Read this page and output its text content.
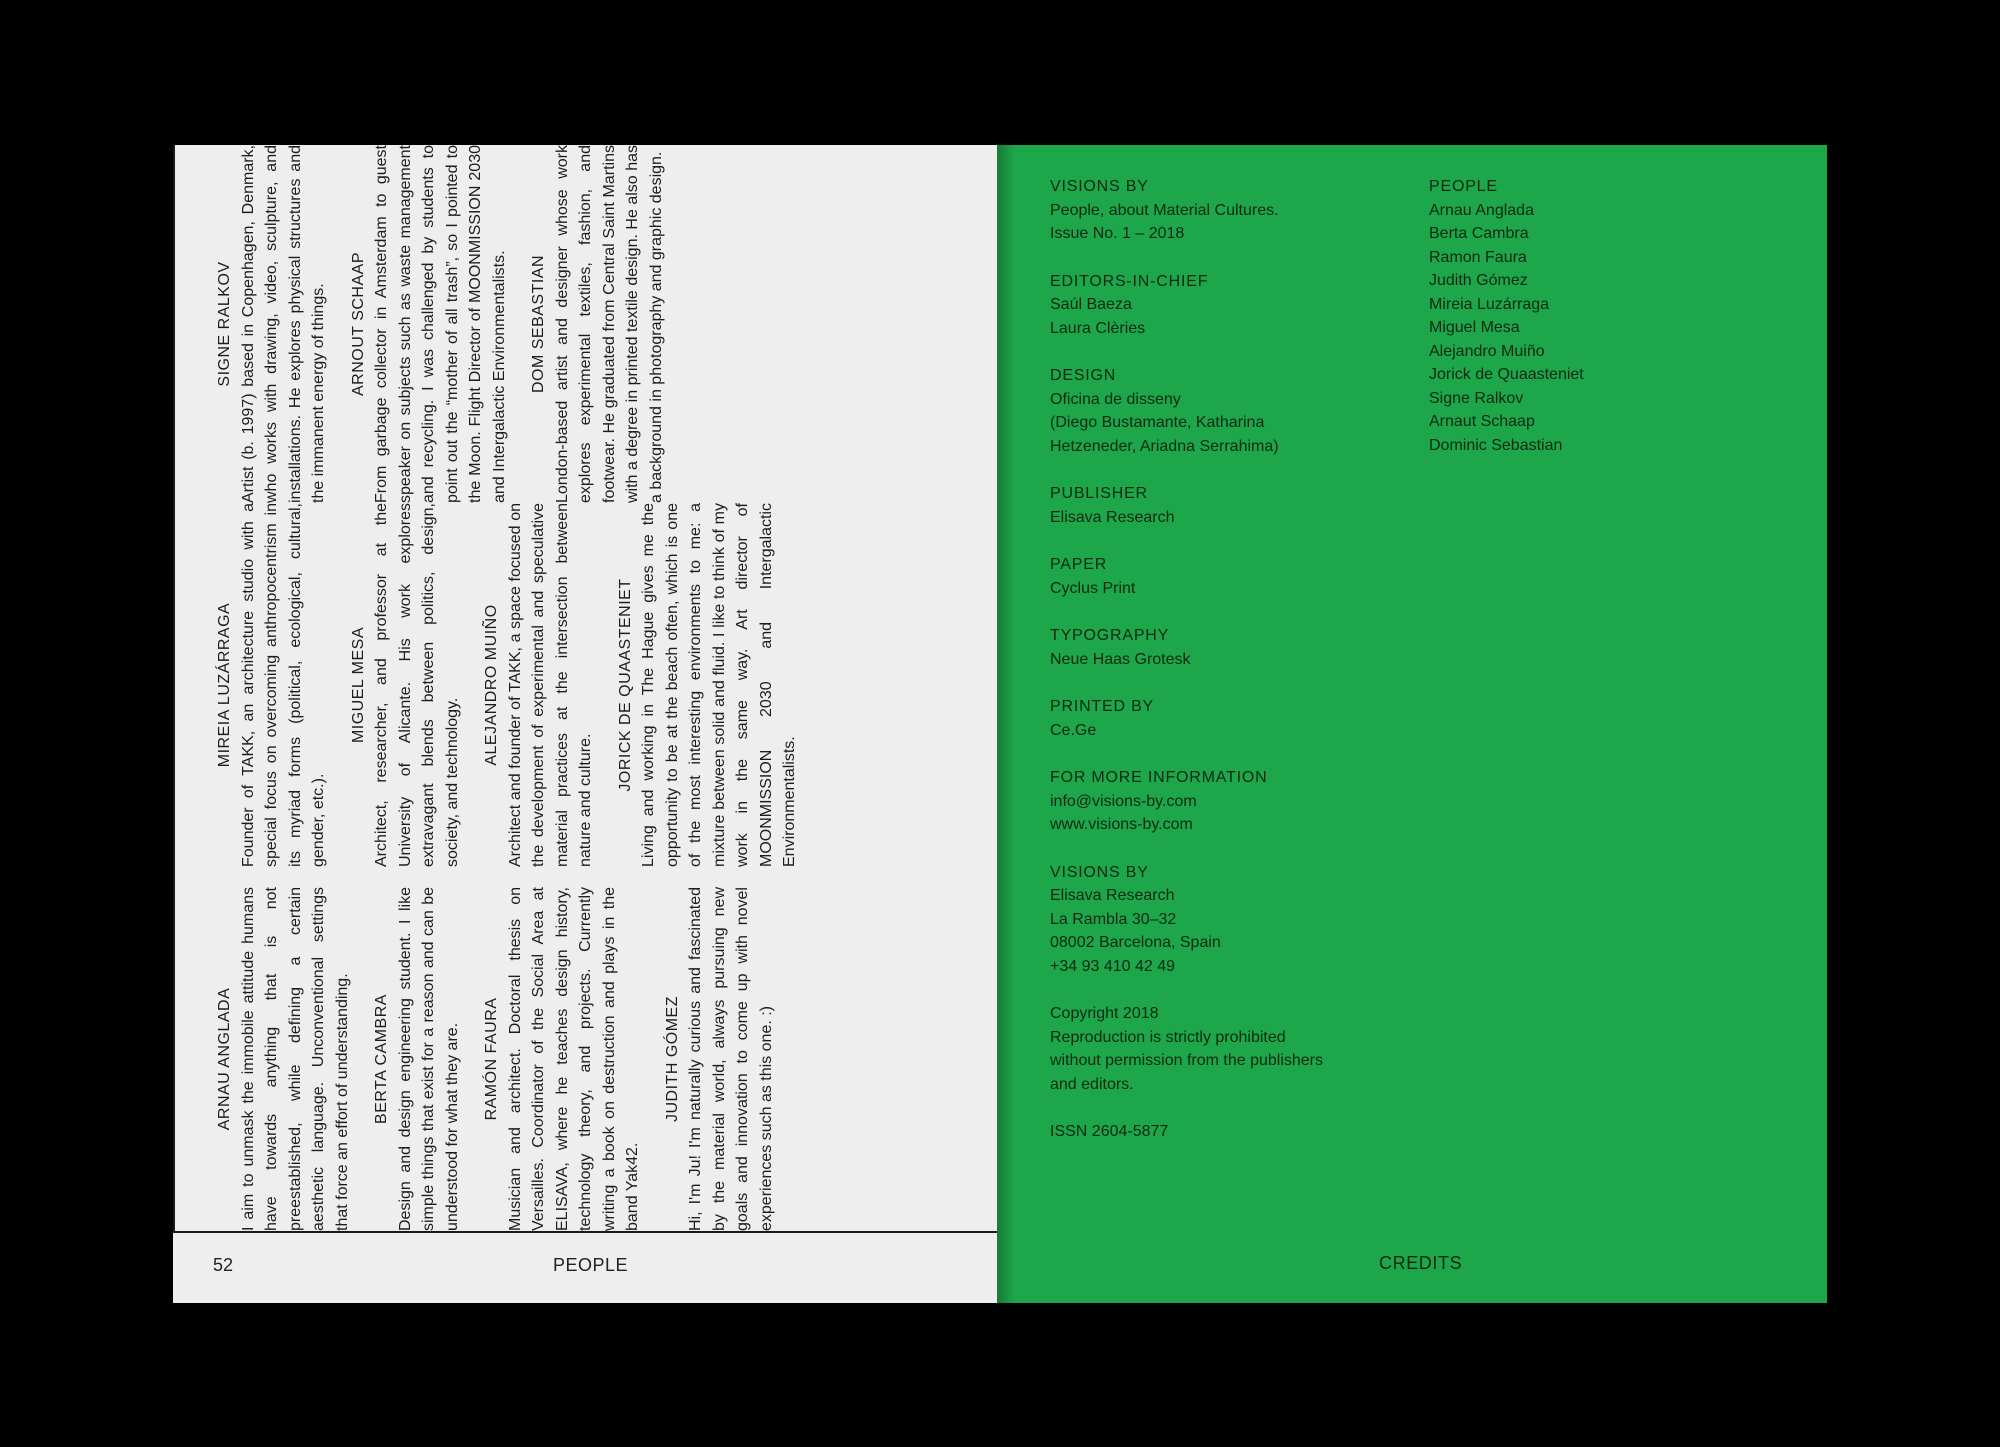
ARNAU ANGLADA I aim to unmask the immobile attitude humans have towards anything that is not preestablished, while defining a certain aesthetic language. Unconventional settings that force an effort of understanding. BERTA CAMBRA Design and design engineering student. I like simple things that exist for a reason and can be understood for what they are. RAMÓN FAURA Musician and architect. Doctoral thesis on Versailles. Coordinator of the Social Area at ELISAVA, where he teaches design history, technology theory, and projects. Currently writing a book on destruction and plays in the band Yak42.
JUDITH GÓMEZ Hi, I'm Ju! I'm naturally curious and fascinated by the material world, always pursuing new goals and innovation to come up with novel experiences such as this one. :)
MIREIA LUZÁRRAGA Founder of TAKK, an architecture studio with a special focus on overcoming anthropocentrism in its myriad forms (political, ecological, cultural, gender, etc.).
MIGUEL MESA Architect, researcher, and professor at the University of Alicante. His work explores extravagant blends between politics, design, society, and technology.
ALEJANDRO MUIÑO Architect and founder of TAKK, a space focused on the development of experimental and speculative material practices at the intersection between nature and culture.
JORICK DE QUAASTENIET Living and working in The Hague gives me the opportunity to be at the beach often, which is one of the most interesting environments to me: a mixture between solid and fluid. I like to think of my work in the same way. Art director of MOONMISSION 2030 and Intergalactic Environmentalists.
SIGNE RALKOV Artist (b. 1997) based in Copenhagen, Denmark, who works with drawing, video, sculpture, and installations. He explores physical structures and the immanent energy of things. ARNOUT SCHAAP From garbage collector in Amsterdam to guest speaker on subjects such as waste management and recycling. I was challenged by students to point out the “mother of all trash”, so I pointed to the Moon. Flight Director of MOONMISSION 2030 and Intergalactic Environmentalists. DOM SEBASTIAN London-based artist and designer whose work explores experimental textiles, fashion, and footwear. He graduated from Central Saint Martins with a degree in printed textile design. He also has a background in photography and graphic design.
52	PEOPLE
VISIONS BY
People, about Material Cultures.
Issue No. 1 – 2018
EDITORS-IN-CHIEF
Saúl Baeza
Laura Clèries
DESIGN
Oficina de disseny
(Diego Bustamante, Katharina
Hetzeneder, Ariadna Serrahima)
PUBLISHER
Elisava Research
PAPER
Cyclus Print
TYPOGRAPHY
Neue Haas Grotesk
PRINTED BY
Ce.Ge
FOR MORE INFORMATION
info@visions-by.com
www.visions-by.com
VISIONS BY
Elisava Research
La Rambla 30–32
08002 Barcelona, Spain
+34 93 410 42 49
Copyright 2018
Reproduction is strictly prohibited
without permission from the publishers
and editors.
ISSN 2604-5877
PEOPLE
Arnau Anglada
Berta Cambra
Ramon Faura
Judith Gómez
Mireia Luzárraga
Miguel Mesa
Alejandro Muiño
Jorick de Quaasteniet
Signe Ralkov
Arnaut Schaap
Dominic Sebastian
CREDITS
